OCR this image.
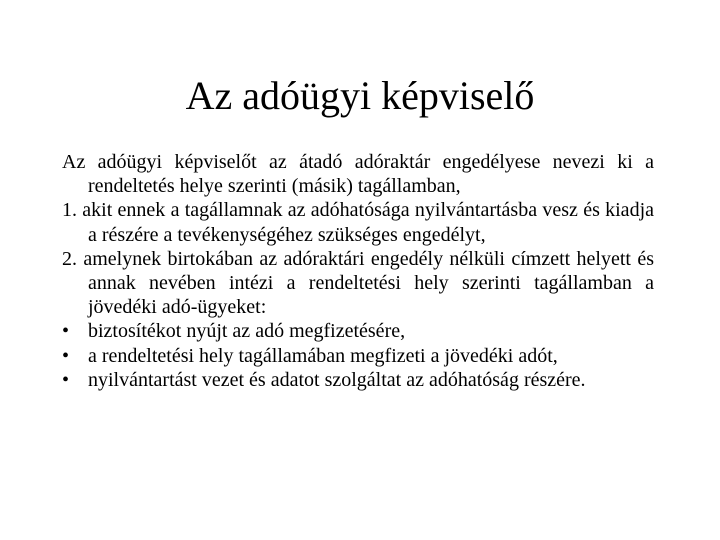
Az adóügyi képviselő

Az adóügyi képviselőt az átadó adóraktár engedélyese nevezi ki a rendeltetés helye szerinti (másik) tagállamban,

1. akit ennek a tagállamnak az adóhatósága nyilvántartásba vesz és kiadja a részére a tevékenységéhez szükséges engedélyt,

2. amelynek birtokában az adóraktári engedély nélküli címzett helyett és annak nevében intézi a rendeltetési hely szerinti tagállamban a jövedéki adó-ügyeket:

• biztosítékot nyújt az adó megfizetésére,
• a rendeltetési hely tagállamában megfizeti a jövedéki adót,
• nyilvántartást vezet és adatot szolgáltat az adóhatóság részére.
